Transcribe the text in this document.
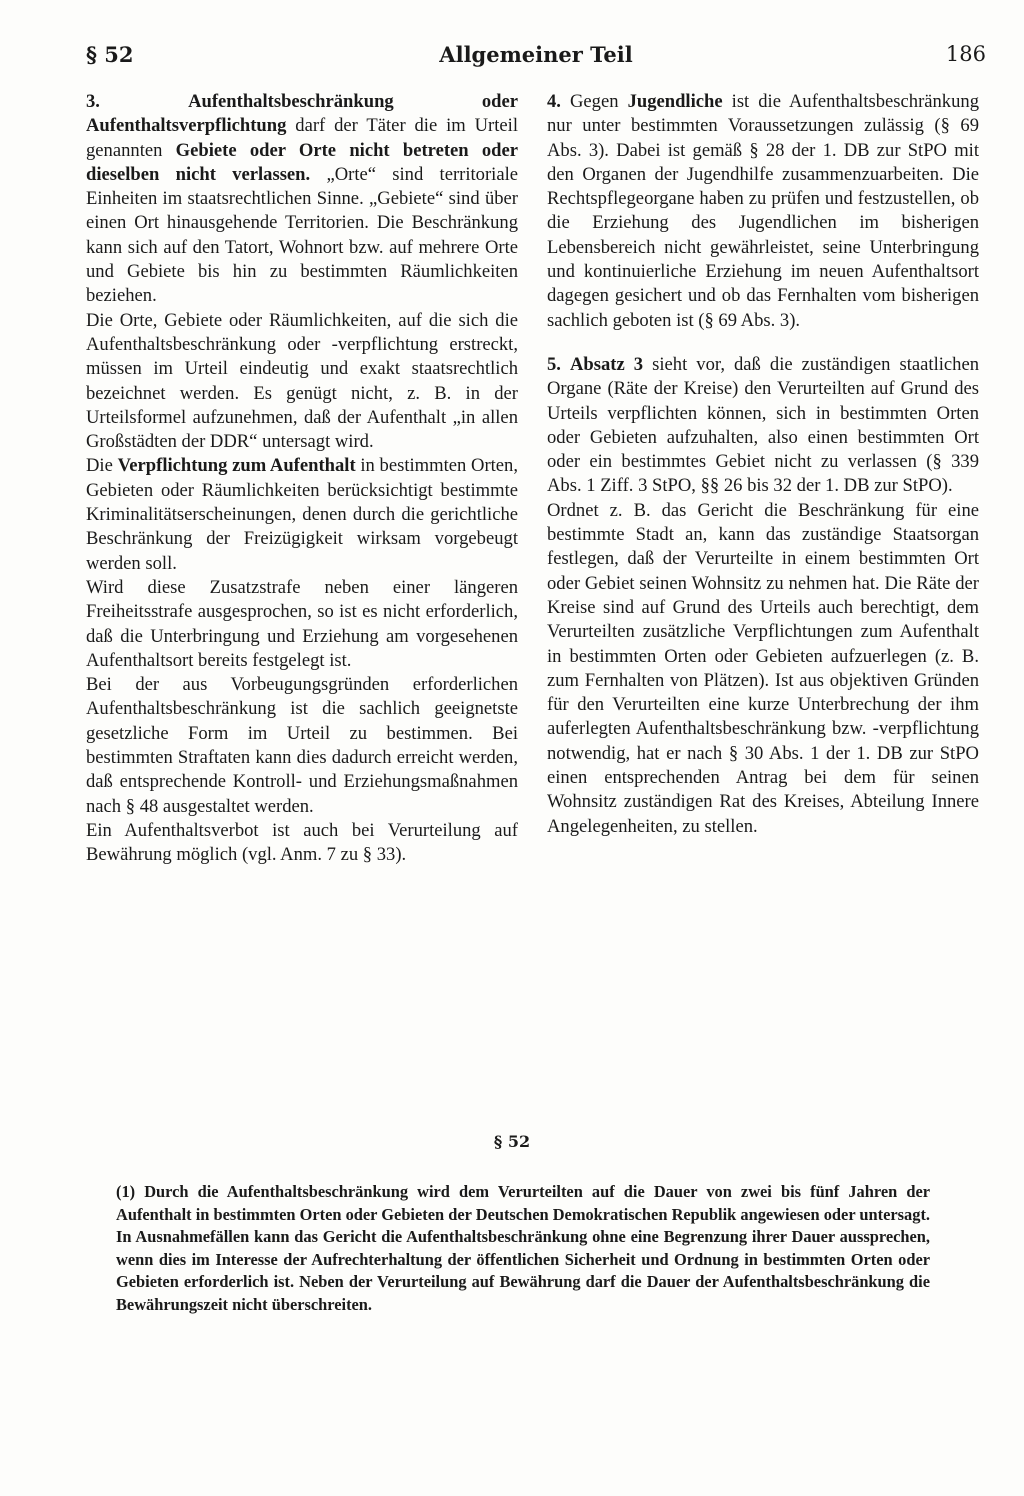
§ 52	Allgemeiner Teil	186

3.	Aufenthaltsbeschränkung oder Aufenthaltsverpflichtung darf der Täter die im Urteil genannten Gebiete oder Orte nicht betreten oder dieselben nicht verlassen. „Orte“ sind territoriale Einheiten im staatsrechtlichen Sinne. „Gebiete“ sind über einen Ort hinausgehende Territorien. Die Beschränkung kann sich auf den Tatort, Wohnort bzw. auf mehrere Orte und Gebiete bis hin zu bestimmten Räumlichkeiten beziehen.

Die Orte, Gebiete oder Räumlichkeiten, auf die sich die Aufenthaltsbeschränkung oder -verpflichtung erstreckt, müssen im Urteil eindeutig und exakt staatsrechtlich bezeichnet werden. Es genügt nicht, z. B. in der Urteilsformel aufzunehmen, daß der Aufenthalt „in allen Großstädten der DDR“ untersagt wird.

Die Verpflichtung zum Aufenthalt in bestimmten Orten, Gebieten oder Räumlichkeiten berücksichtigt bestimmte Kriminalitätserscheinungen, denen durch die gerichtliche Beschränkung der Freizügigkeit wirksam vorgebeugt werden soll.

Wird diese Zusatzstrafe neben einer längeren Freiheitsstrafe ausgesprochen, so ist es nicht erforderlich, daß die Unterbringung und Erziehung am vorgesehenen Aufenthaltsort bereits festgelegt ist.

Bei der aus Vorbeugungsgründen erforderlichen Aufenthaltsbeschränkung ist die sachlich geeignetste gesetzliche Form im Urteil zu bestimmen. Bei bestimmten Straftaten kann dies dadurch erreicht werden, daß entsprechende Kontroll- und Erziehungsmaßnahmen nach § 48 ausgestaltet werden.

Ein Aufenthaltsverbot ist auch bei Verurteilung auf Bewährung möglich (vgl. Anm. 7 zu § 33).

4. Gegen Jugendliche ist die Aufenthaltsbeschränkung nur unter bestimmten Voraussetzungen zulässig (§ 69 Abs. 3). Dabei ist gemäß § 28 der 1. DB zur StPO mit den Organen der Jugendhilfe zusammenzuarbeiten. Die Rechtspflegeorgane haben zu prüfen und festzustellen, ob die Erziehung des Jugendlichen im bisherigen Lebensbereich nicht gewährleistet, seine Unterbringung und kontinuierliche Erziehung im neuen Aufenthaltsort dagegen gesichert und ob das Fernhalten vom bisherigen sachlich geboten ist (§ 69 Abs. 3).

5. Absatz 3 sieht vor, daß die zuständigen staatlichen Organe (Räte der Kreise) den Verurteilten auf Grund des Urteils verpflichten können, sich in bestimmten Orten oder Gebieten aufzuhalten, also einen bestimmten Ort oder ein bestimmtes Gebiet nicht zu verlassen (§ 339 Abs. 1 Ziff. 3 StPO, §§ 26 bis 32 der 1. DB zur StPO).

Ordnet z. B. das Gericht die Beschränkung für eine bestimmte Stadt an, kann das zuständige Staatsorgan festlegen, daß der Verurteilte in einem bestimmten Ort oder Gebiet seinen Wohnsitz zu nehmen hat. Die Räte der Kreise sind auf Grund des Urteils auch berechtigt, dem Verurteilten zusätzliche Verpflichtungen zum Aufenthalt in bestimmten Orten oder Gebieten aufzuerlegen (z. B. zum Fernhalten von Plätzen). Ist aus objektiven Gründen für den Verurteilten eine kurze Unterbrechung der ihm auferlegten Aufenthaltsbeschränkung bzw. -verpflichtung notwendig, hat er nach § 30 Abs. 1 der 1. DB zur StPO einen entsprechenden Antrag bei dem für seinen Wohnsitz zuständigen Rat des Kreises, Abteilung Innere Angelegenheiten, zu stellen.

§ 52

(1) Durch die Aufenthaltsbeschränkung wird dem Verurteilten auf die Dauer von zwei bis fünf Jahren der Aufenthalt in bestimmten Orten oder Gebieten der Deutschen Demokratischen Republik angewiesen oder untersagt. In Ausnahmefällen kann das Gericht die Aufenthaltsbeschränkung ohne eine Begrenzung ihrer Dauer aussprechen, wenn dies im Interesse der Aufrechterhaltung der öffentlichen Sicherheit und Ordnung in bestimmten Orten oder Gebieten erforderlich ist. Neben der Verurteilung auf Bewährung darf die Dauer der Aufenthaltsbeschränkung die Bewährungszeit nicht überschreiten.
